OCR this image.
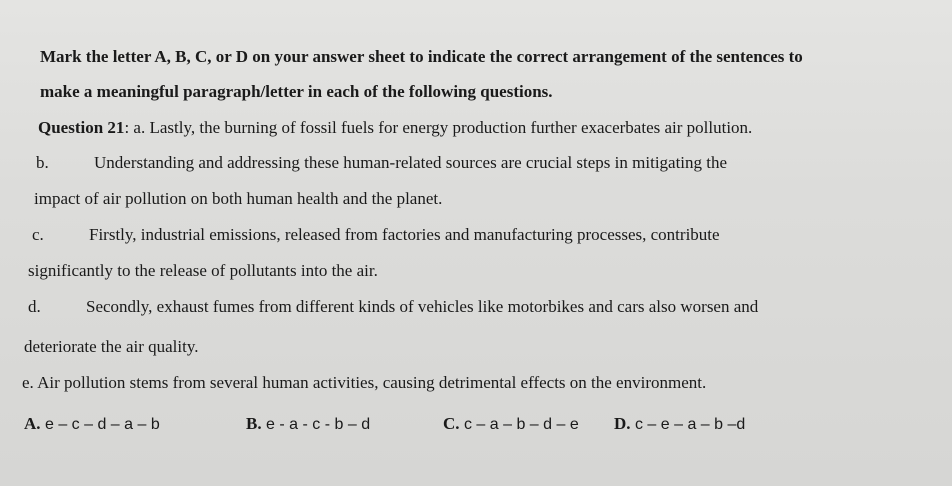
Mark the letter A, B, C, or D on your answer sheet to indicate the correct arrangement of the sentences to
make a meaningful paragraph/letter in each of the following questions.
Question 21: a. Lastly, the burning of fossil fuels for energy production further exacerbates air pollution.
b.	Understanding and addressing these human-related sources are crucial steps in mitigating the
impact of air pollution on both human health and the planet.
c.	Firstly, industrial emissions, released from factories and manufacturing processes, contribute
significantly to the release of pollutants into the air.
d.	Secondly, exhaust fumes from different kinds of vehicles like motorbikes and cars also worsen and
deteriorate the air quality.
e. Air pollution stems from several human activities, causing detrimental effects on the environment.
A. e – c – d – a – b	B. e - a - c - b – d	C. c – a – b – d – e D. c – e – a – b –d
